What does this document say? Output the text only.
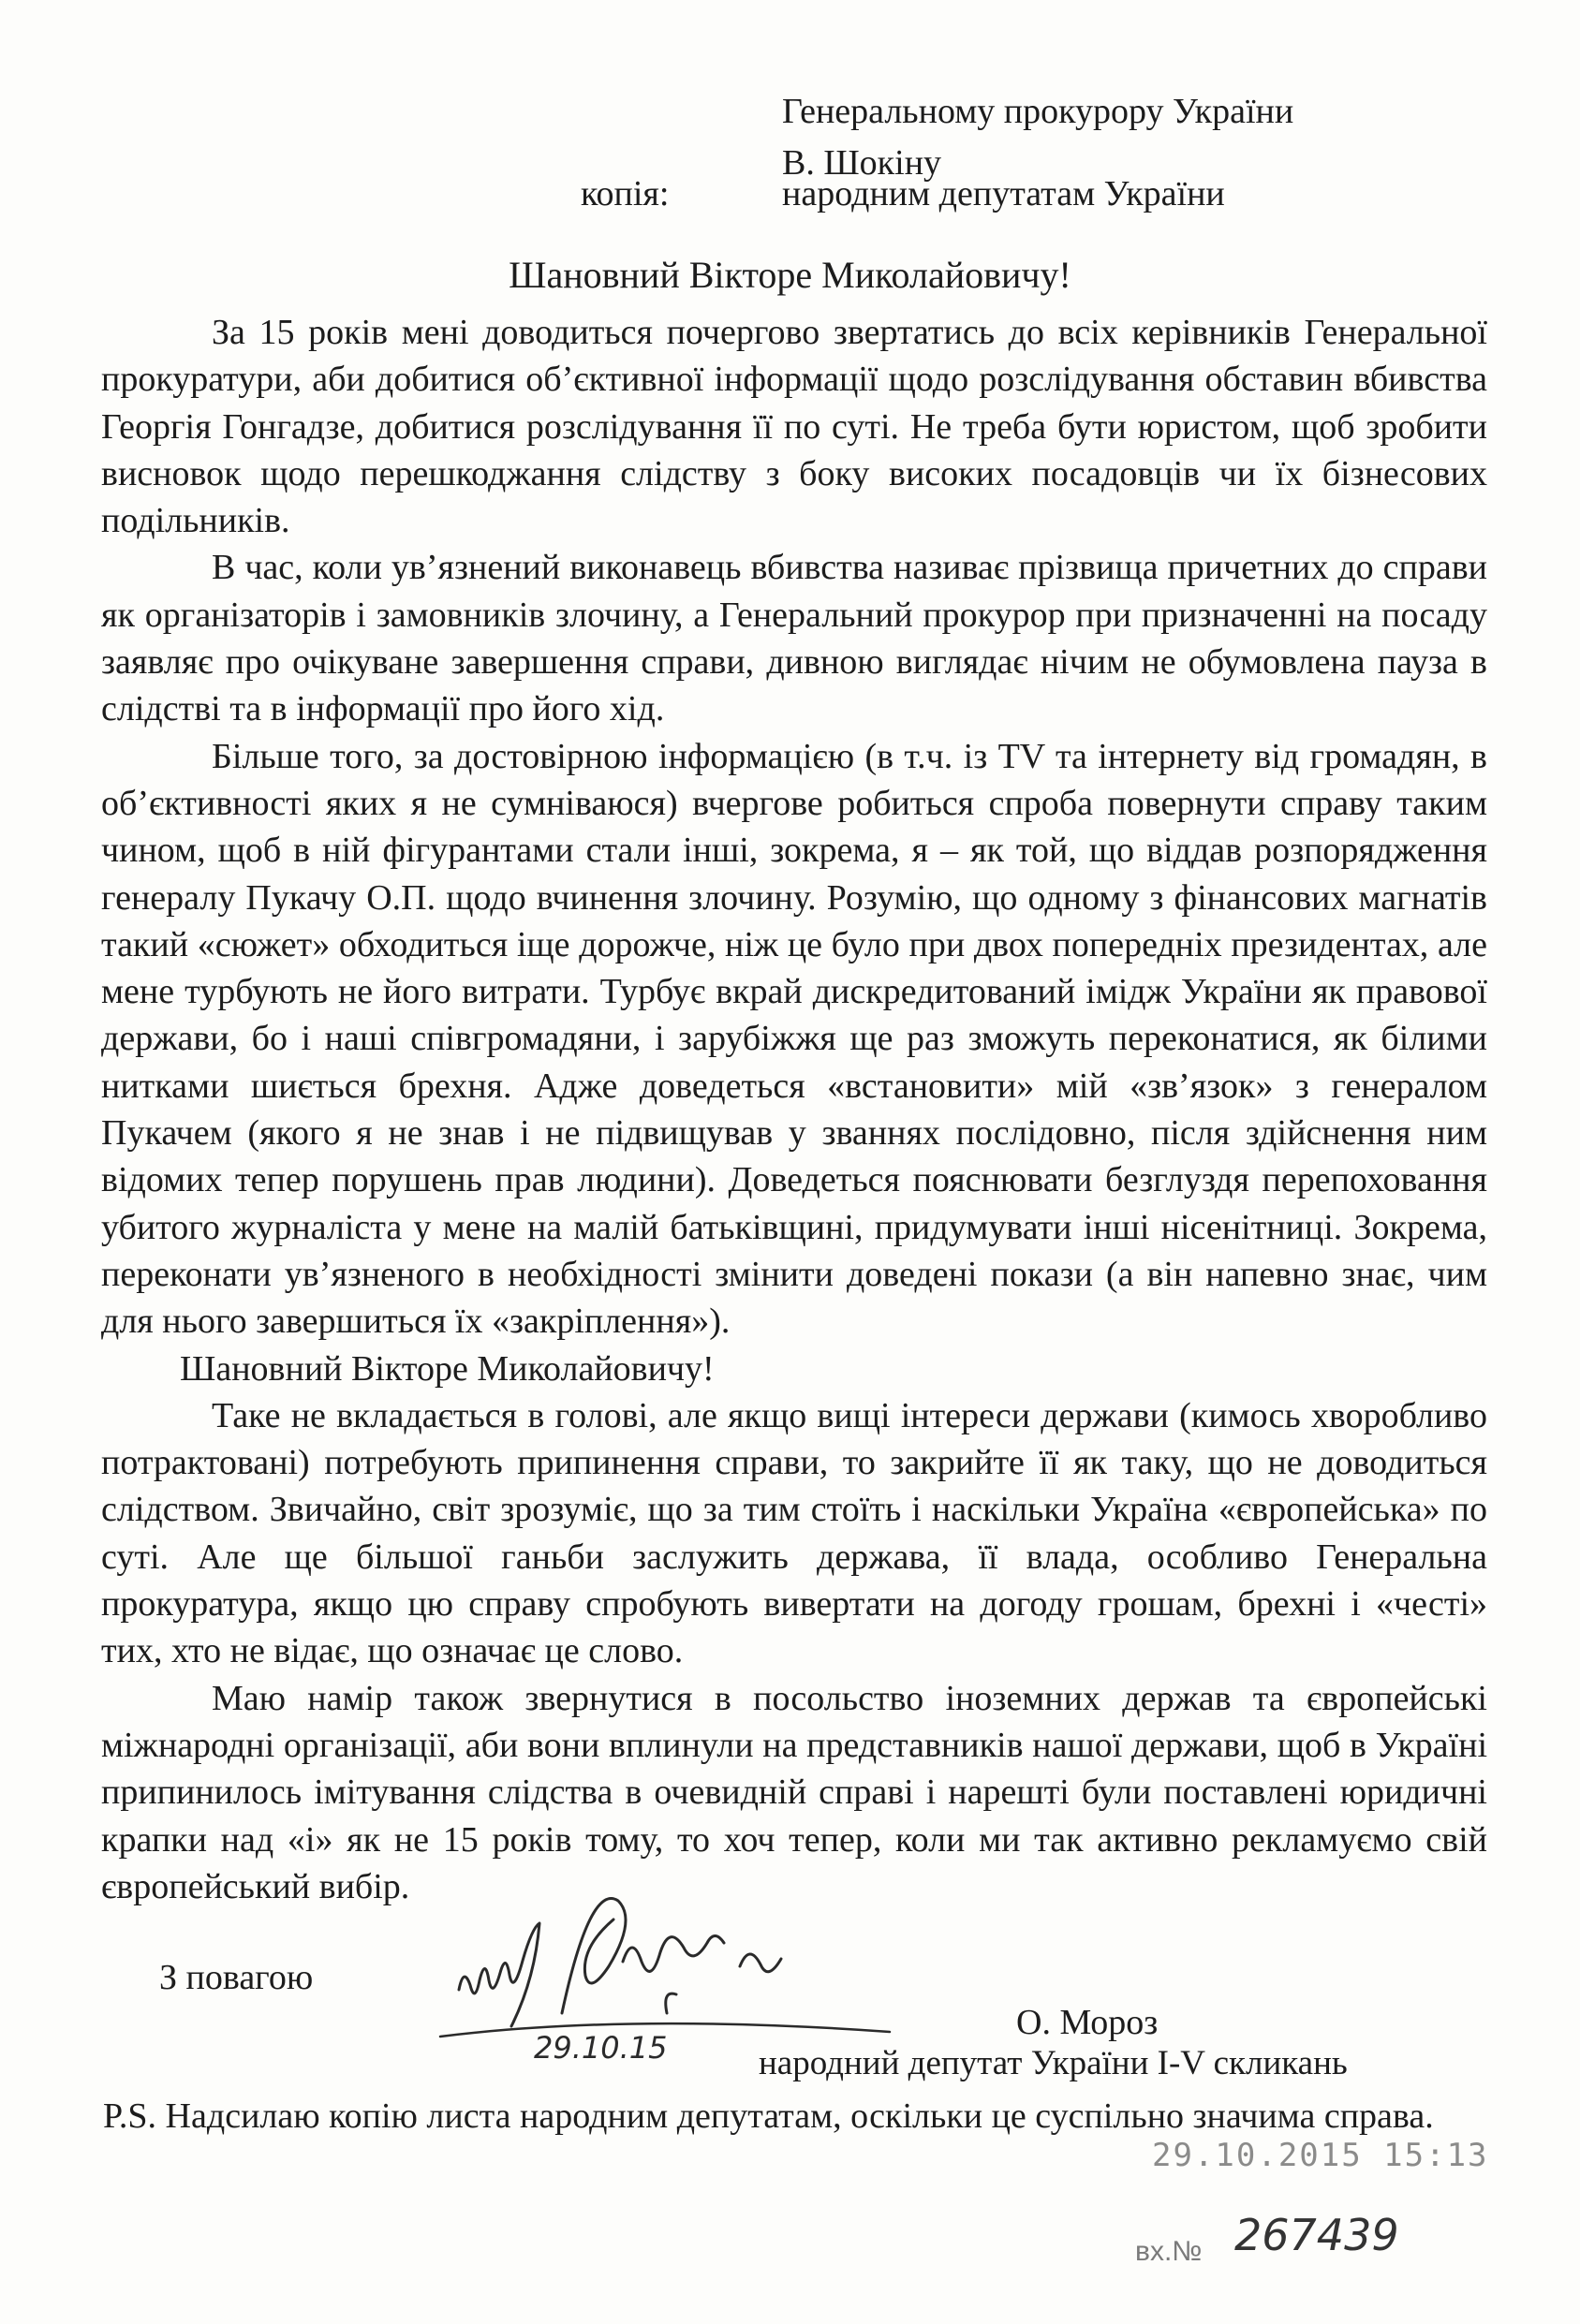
Генеральному прокурору України
В. Шокіну
копія:	народним депутатам України
Шановний Вікторе Миколайовичу!

За 15 років мені доводиться почергово звертатись до всіх керівників Генеральної прокуратури, аби добитися об’єктивної інформації щодо розслідування обставин вбивства Георгія Гонгадзе, добитися розслідування її по суті. Не треба бути юристом, щоб зробити висновок щодо перешкоджання слідству з боку високих посадовців чи їх бізнесових подільників.

В час, коли ув’язнений виконавець вбивства називає прізвища причетних до справи як організаторів і замовників злочину, а Генеральний прокурор при призначенні на посаду заявляє про очікуване завершення справи, дивною виглядає нічим не обумовлена пауза в слідстві та в інформації про його хід.

Більше того, за достовірною інформацією (в т.ч. із TV та інтернету від громадян, в об’єктивності яких я не сумніваюся) вчергове робиться спроба повернути справу таким чином, щоб в ній фігурантами стали інші, зокрема, я – як той, що віддав розпорядження генералу Пукачу О.П. щодо вчинення злочину. Розумію, що одному з фінансових магнатів такий «сюжет» обходиться іще дорожче, ніж це було при двох попередніх президентах, але мене турбують не його витрати. Турбує вкрай дискредитований імідж України як правової держави, бо і наші співгромадяни, і зарубіжжя ще раз зможуть переконатися, як білими нитками шиється брехня. Адже доведеться «встановити» мій «зв’язок» з генералом Пукачем (якого я не знав і не підвищував у званнях послідовно, після здійснення ним відомих тепер порушень прав людини). Доведеться пояснювати безглуздя перепоховання убитого журналіста у мене на малій батьківщині, придумувати інші нісенітниці. Зокрема, переконати ув’язненого в необхідності змінити доведені покази (а він напевно знає, чим для нього завершиться їх «закріплення»).

Шановний Вікторе Миколайовичу!

Таке не вкладається в голові, але якщо вищі інтереси держави (кимось хворобливо потрактовані) потребують припинення справи, то закрийте її як таку, що не доводиться слідством. Звичайно, світ зрозуміє, що за тим стоїть і наскільки Україна «європейська» по суті. Але ще більшої ганьби заслужить держава, її влада, особливо Генеральна прокуратура, якщо цю справу спробують вивертати на догоду грошам, брехні і «честі» тих, хто не відає, що означає це слово.

Маю намір також звернутися в посольство іноземних держав та європейські міжнародні організації, аби вони вплинули на представників нашої держави, щоб в Україні припинилось імітування слідства в очевидній справі і нарешті були поставлені юридичні крапки над «і» як не 15 років тому, то хоч тепер, коли ми так активно рекламуємо свій європейський вибір.

29.10.15
З повагою
О. Мороз
народний депутат України I-V скликань
P.S. Надсилаю копію листа народним депутатам, оскільки це суспільно значима справа.
29.10.2015 15:13
вх.№ 267439
